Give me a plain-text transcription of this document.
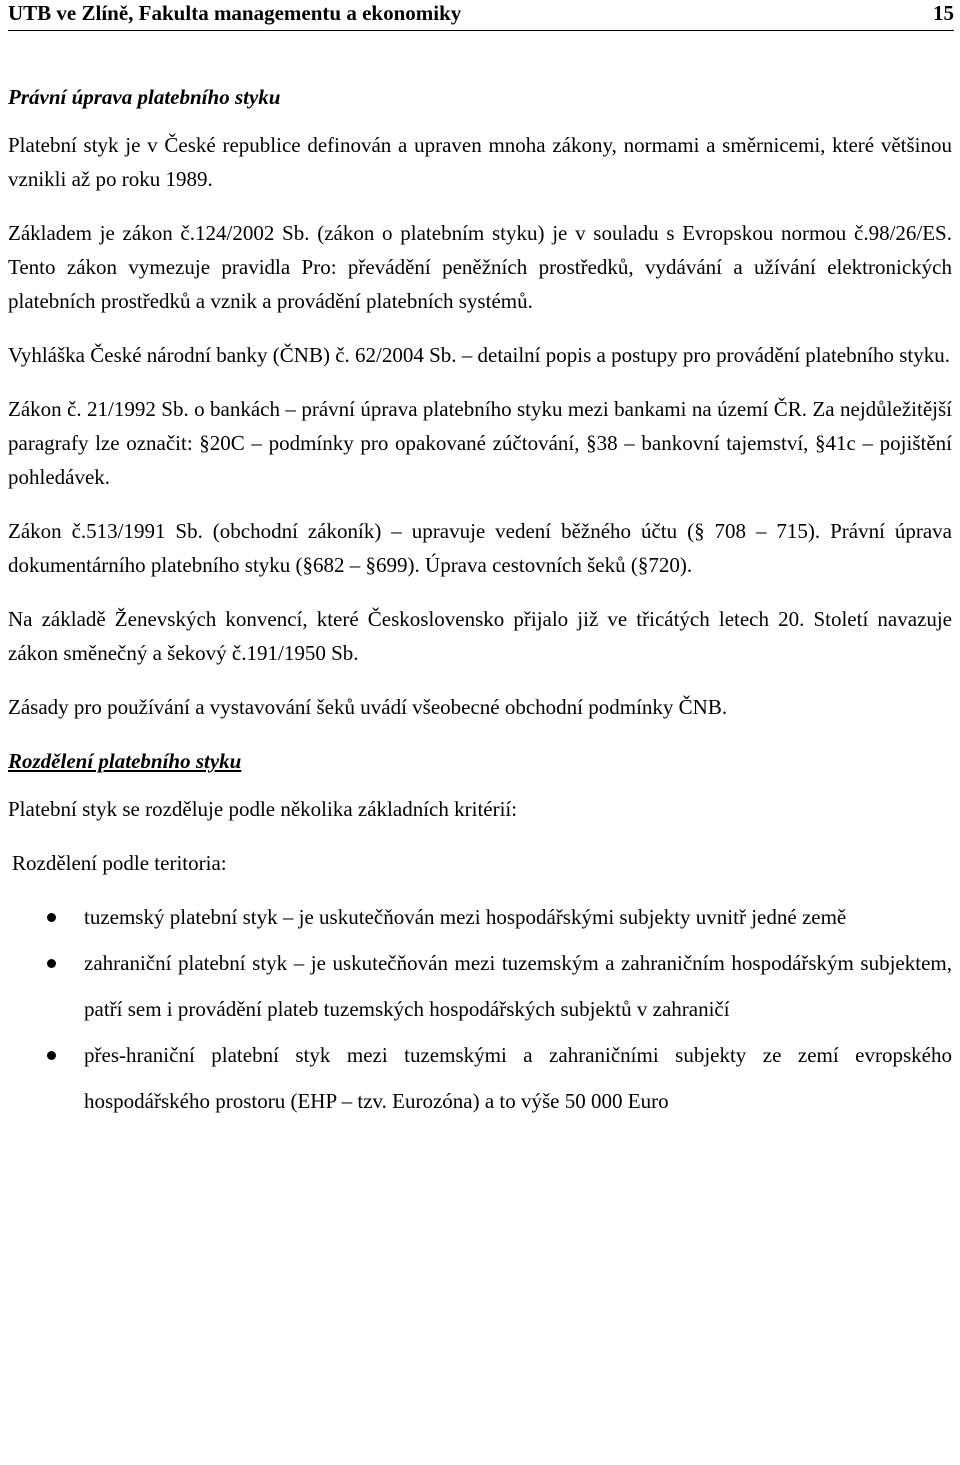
UTB ve Zlíně, Fakulta managementu a ekonomiky	15

Právní úprava platebního styku

Platební styk je v České republice definován a upraven mnoha zákony, normami a směrnicemi, které většinou vznikli až po roku 1989.

Základem je zákon č.124/2002 Sb. (zákon o platebním styku) je v souladu s Evropskou normou č.98/26/ES. Tento zákon vymezuje pravidla Pro: převádění peněžních prostředků, vydávání a užívání elektronických platebních prostředků a vznik a provádění platebních systémů.

Vyhláška České národní banky (ČNB) č. 62/2004 Sb. – detailní popis a postupy pro provádění platebního styku.

Zákon č. 21/1992 Sb. o bankách – právní úprava platebního styku mezi bankami na území ČR. Za nejdůležitější paragrafy lze označit: §20C – podmínky pro opakované zúčtování, §38 – bankovní tajemství, §41c – pojištění pohledávek.

Zákon č.513/1991 Sb. (obchodní zákoník) – upravuje vedení běžného účtu (§ 708 – 715). Právní úprava dokumentárního platebního styku (§682 – §699). Úprava cestovních šeků (§720).

Na základě Ženevských konvencí, které Československo přijalo již ve třicátých letech 20. Století navazuje zákon směnečný a šekový č.191/1950 Sb.

Zásady pro používání a vystavování šeků uvádí všeobecné obchodní podmínky ČNB.

Rozdělení platebního styku

Platební styk se rozděluje podle několika základních kritérií:

Rozdělení podle teritoria:

tuzemský platební styk – je uskutečňován mezi hospodářskými subjekty uvnitř jedné země
zahraniční platební styk – je uskutečňován mezi tuzemským a zahraničním hospodářským subjektem, patří sem i provádění plateb tuzemských hospodářských subjektů v zahraničí
přes-hraniční platební styk mezi tuzemskými a zahraničními subjekty ze zemí evropského hospodářského prostoru (EHP – tzv. Eurozóna) a to výše 50 000 Euro
